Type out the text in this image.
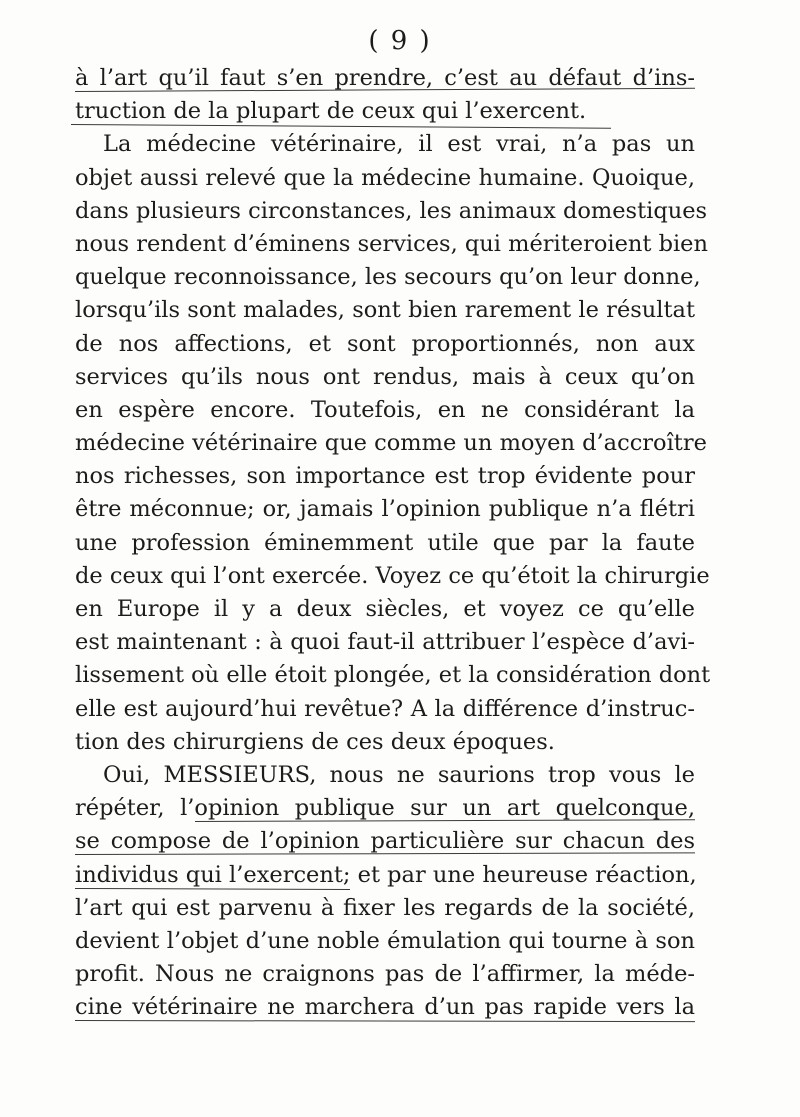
( 9 )
à l’art qu’il faut s’en prendre, c’est au défaut d’ins-
truction de la plupart de ceux qui l’exercent.
La médecine vétérinaire, il est vrai, n’a pas un
objet aussi relevé que la médecine humaine. Quoique,
dans plusieurs circonstances, les animaux domestiques
nous rendent d’éminens services, qui mériteroient bien
quelque reconnoissance, les secours qu’on leur donne,
lorsqu’ils sont malades, sont bien rarement le résultat
de nos affections, et sont proportionnés, non aux
services qu’ils nous ont rendus, mais à ceux qu’on
en espère encore. Toutefois, en ne considérant la
médecine vétérinaire que comme un moyen d’accroître
nos richesses, son importance est trop évidente pour
être méconnue; or, jamais l’opinion publique n’a flétri
une profession éminemment utile que par la faute
de ceux qui l’ont exercée. Voyez ce qu’étoit la chirurgie
en Europe il y a deux siècles, et voyez ce qu’elle
est maintenant : à quoi faut-il attribuer l’espèce d’avi-
lissement où elle étoit plongée, et la considération dont
elle est aujourd’hui revêtue? A la différence d’instruc-
tion des chirurgiens de ces deux époques.
Oui, MESSIEURS, nous ne saurions trop vous le
répéter, l’opinion publique sur un art quelconque,
se compose de l’opinion particulière sur chacun des
individus qui l’exercent; et par une heureuse réaction,
l’art qui est parvenu à fixer les regards de la société,
devient l’objet d’une noble émulation qui tourne à son
profit. Nous ne craignons pas de l’affirmer, la méde-
cine vétérinaire ne marchera d’un pas rapide vers la
